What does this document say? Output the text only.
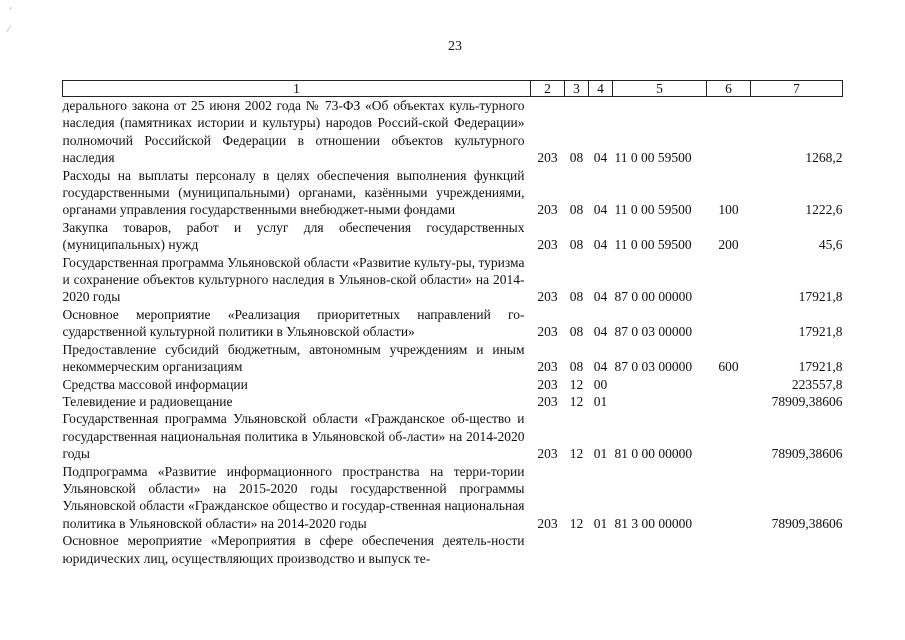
'
⁄
23
1	2	3	4	5	6	7
дерального закона от 25 июня 2002 года № 73-ФЗ «Об объектах куль-турного наследия (памятниках истории и культуры) народов Россий-ской Федерации» полномочий Российской Федерации в отношении объектов культурного наследия	203	08	04	11 0 00 59500		1268,2
Расходы на выплаты персоналу в целях обеспечения выполнения функций государственными (муниципальными) органами, казёнными учреждениями, органами управления государственными внебюджет-ными фондами	203	08	04	11 0 00 59500	100	1222,6
Закупка товаров, работ и услуг для обеспечения государственных (муниципальных) нужд	203	08	04	11 0 00 59500	200	45,6
Государственная программа Ульяновской области «Развитие культу-ры, туризма и сохранение объектов культурного наследия в Ульянов-ской области» на 2014-2020 годы	203	08	04	87 0 00 00000		17921,8
Основное мероприятие «Реализация приоритетных направлений го-сударственной культурной политики в Ульяновской области»	203	08	04	87 0 03 00000		17921,8
Предоставление субсидий бюджетным, автономным учреждениям и иным некоммерческим организациям	203	08	04	87 0 03 00000	600	17921,8
Средства массовой информации	203	12	00			223557,8
Телевидение и радиовещание	203	12	01			78909,38606
Государственная программа Ульяновской области «Гражданское об-щество и государственная национальная политика в Ульяновской об-ласти» на 2014-2020 годы	203	12	01	81 0 00 00000		78909,38606
Подпрограмма «Развитие информационного пространства на терри-тории Ульяновской области» на 2015-2020 годы государственной программы Ульяновской области «Гражданское общество и государ-ственная национальная политика в Ульяновской области» на 2014-2020 годы	203	12	01	81 3 00 00000		78909,38606
Основное мероприятие «Мероприятия в сфере обеспечения деятель-ности юридических лиц, осуществляющих производство и выпуск те-						
